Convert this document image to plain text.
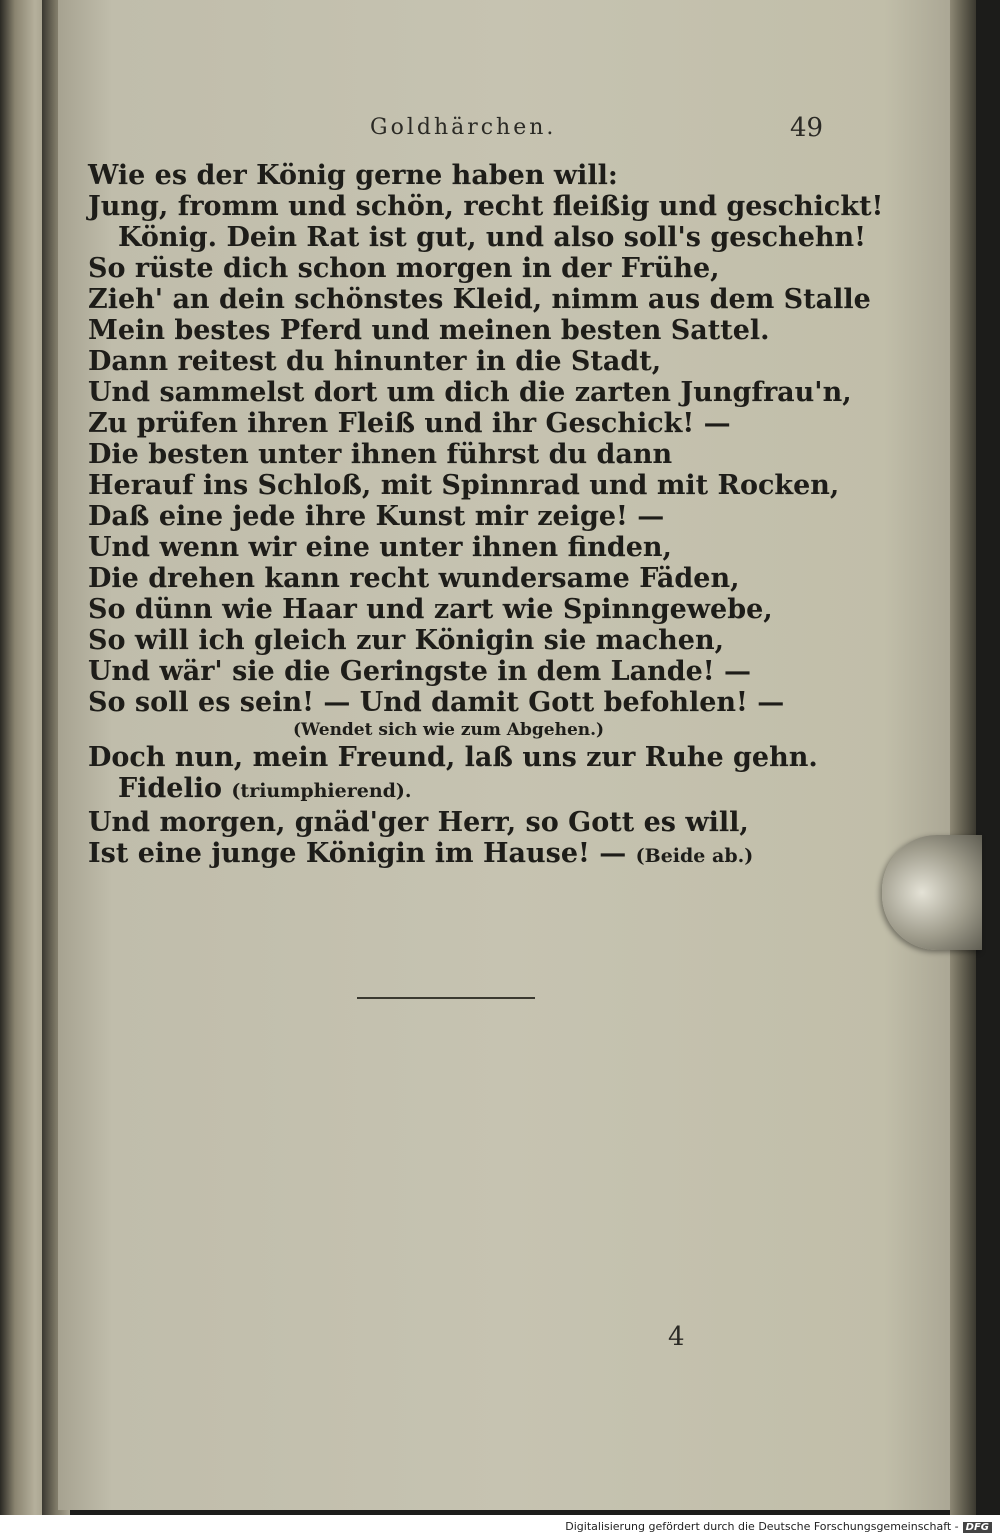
Goldhärchen.	49
Wie es der König gerne haben will:
Jung, fromm und schön, recht fleißig und geschickt!
König. Dein Rat ist gut, und also soll's geschehn!
So rüste dich schon morgen in der Frühe,
Zieh' an dein schönstes Kleid, nimm aus dem Stalle
Mein bestes Pferd und meinen besten Sattel.
Dann reitest du hinunter in die Stadt,
Und sammelst dort um dich die zarten Jungfrau'n,
Zu prüfen ihren Fleiß und ihr Geschick! —
Die besten unter ihnen führst du dann
Herauf ins Schloß, mit Spinnrad und mit Rocken,
Daß eine jede ihre Kunst mir zeige! —
Und wenn wir eine unter ihnen finden,
Die drehen kann recht wundersame Fäden,
So dünn wie Haar und zart wie Spinngewebe,
So will ich gleich zur Königin sie machen,
Und wär' sie die Geringste in dem Lande! —
So soll es sein! — Und damit Gott befohlen! —
(Wendet sich wie zum Abgehen.)
Doch nun, mein Freund, laß uns zur Ruhe gehn.
Fidelio (triumphierend).
Und morgen, gnäd'ger Herr, so Gott es will,
Ist eine junge Königin im Hause! — (Beide ab.)
4
Digitalisierung gefördert durch die Deutsche Forschungsgemeinschaft - DFG
